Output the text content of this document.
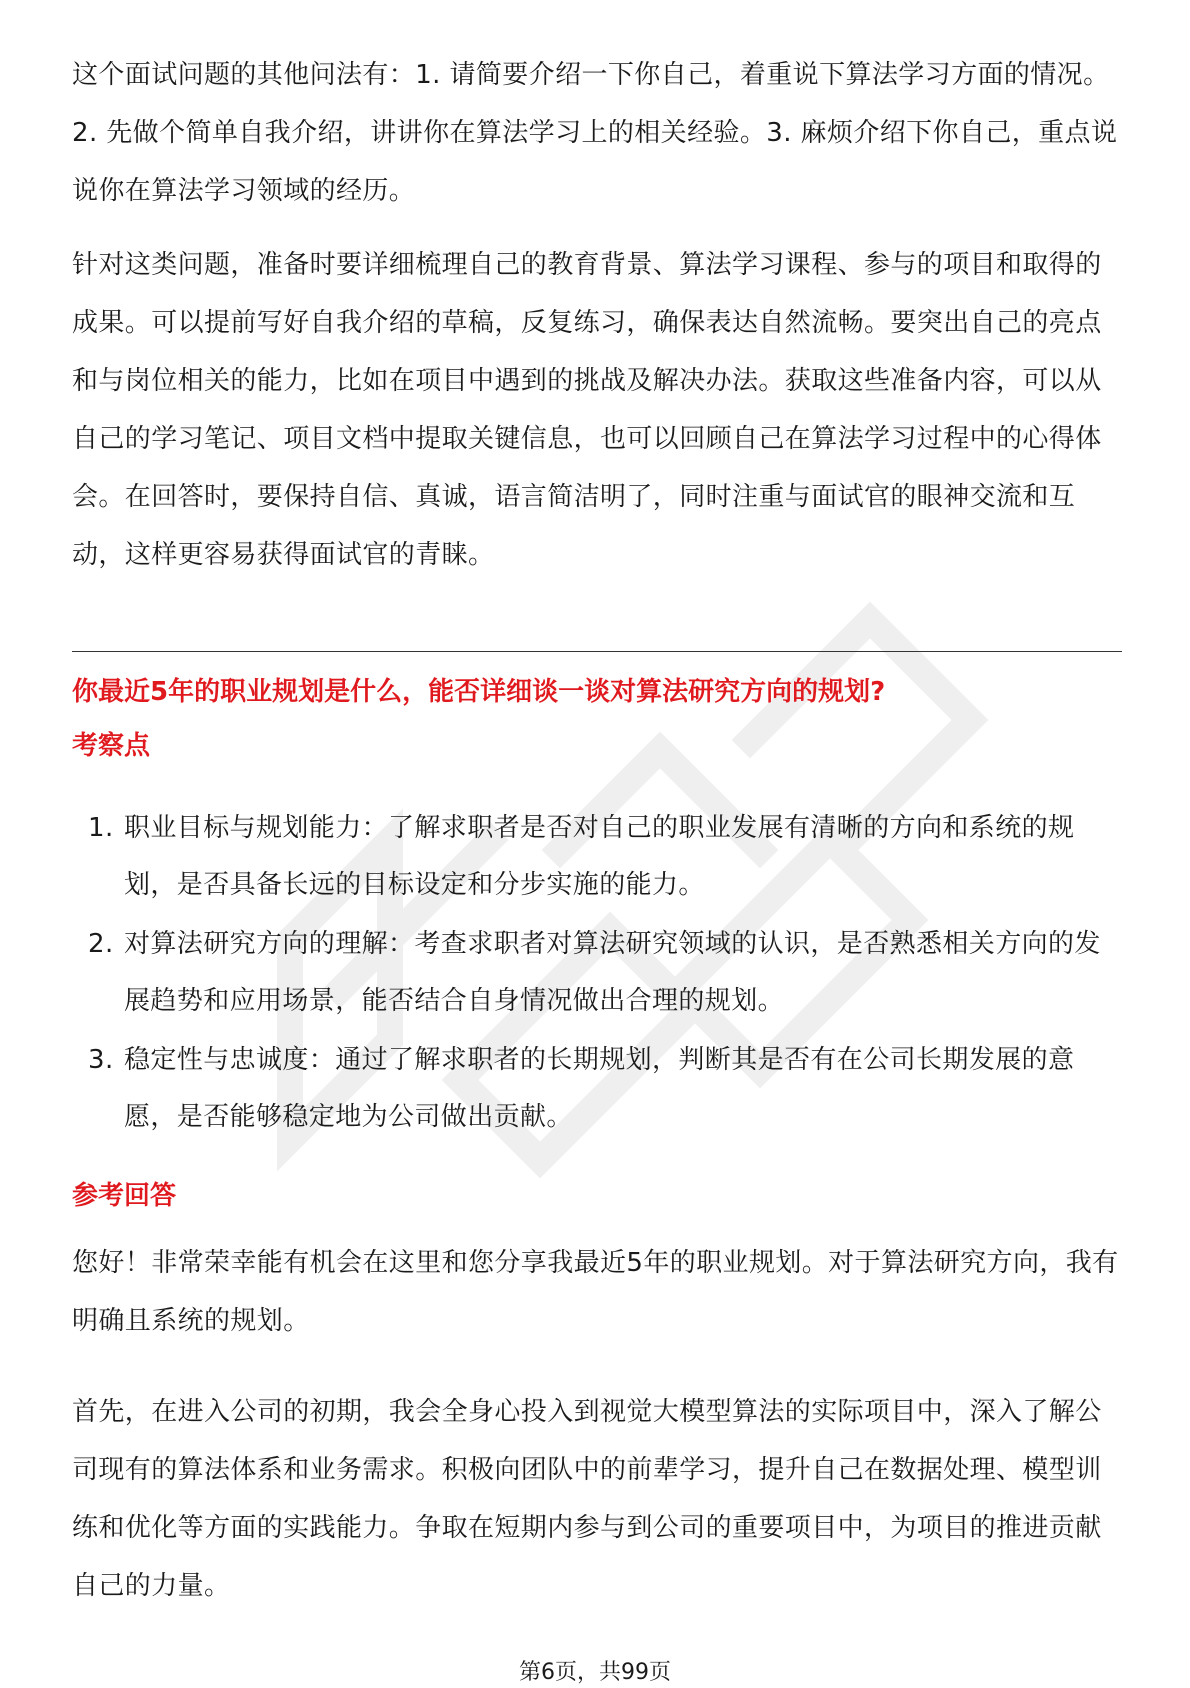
这个面试问题的其他问法有：1. 请简要介绍一下你自己，着重说下算法学习方面的情况。2. 先做个简单自我介绍，讲讲你在算法学习上的相关经验。3. 麻烦介绍下你自己，重点说说你在算法学习领域的经历。

针对这类问题，准备时要详细梳理自己的教育背景、算法学习课程、参与的项目和取得的成果。可以提前写好自我介绍的草稿，反复练习，确保表达自然流畅。要突出自己的亮点和与岗位相关的能力，比如在项目中遇到的挑战及解决办法。获取这些准备内容，可以从自己的学习笔记、项目文档中提取关键信息，也可以回顾自己在算法学习过程中的心得体会。在回答时，要保持自信、真诚，语言简洁明了，同时注重与面试官的眼神交流和互动，这样更容易获得面试官的青睐。

你最近5年的职业规划是什么，能否详细谈一谈对算法研究方向的规划?

考察点

1. 职业目标与规划能力：了解求职者是否对自己的职业发展有清晰的方向和系统的规划，是否具备长远的目标设定和分步实施的能力。
2. 对算法研究方向的理解：考查求职者对算法研究领域的认识，是否熟悉相关方向的发展趋势和应用场景，能否结合自身情况做出合理的规划。
3. 稳定性与忠诚度：通过了解求职者的长期规划，判断其是否有在公司长期发展的意愿，是否能够稳定地为公司做出贡献。

参考回答

您好！非常荣幸能有机会在这里和您分享我最近5年的职业规划。对于算法研究方向，我有明确且系统的规划。

首先，在进入公司的初期，我会全身心投入到视觉大模型算法的实际项目中，深入了解公司现有的算法体系和业务需求。积极向团队中的前辈学习，提升自己在数据处理、模型训练和优化等方面的实践能力。争取在短期内参与到公司的重要项目中，为项目的推进贡献自己的力量。

第6页，共99页
